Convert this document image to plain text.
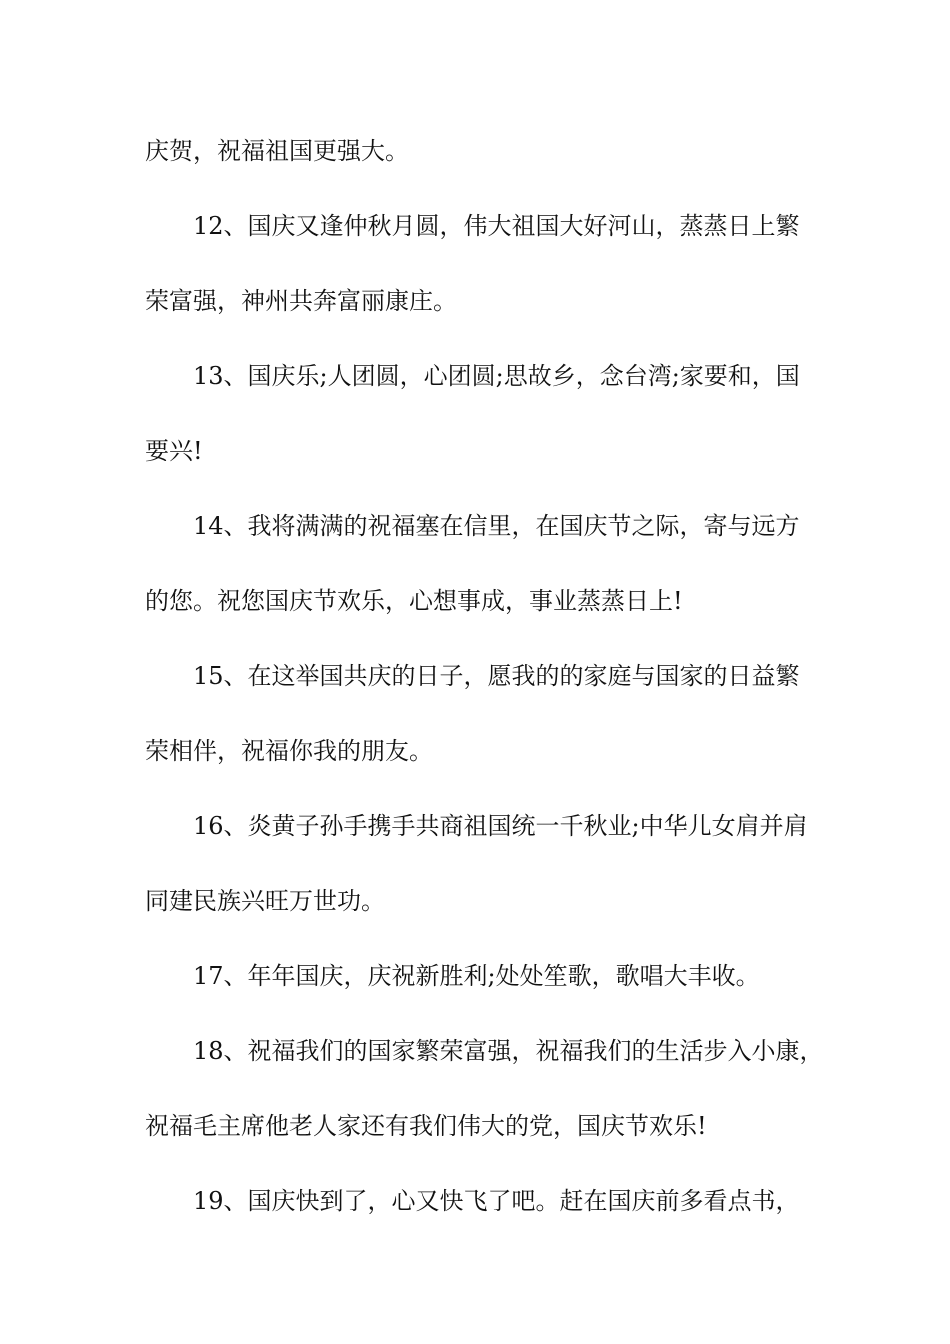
庆贺，祝福祖国更强大。
12、国庆又逢仲秋月圆，伟大祖国大好河山，蒸蒸日上繁
荣富强，神州共奔富丽康庄。
13、国庆乐;人团圆，心团圆;思故乡，念台湾;家要和，国
要兴!
14、我将满满的祝福塞在信里，在国庆节之际，寄与远方
的您。祝您国庆节欢乐，心想事成，事业蒸蒸日上!
15、在这举国共庆的日子，愿我的的家庭与国家的日益繁
荣相伴，祝福你我的朋友。
16、炎黄子孙手携手共商祖国统一千秋业;中华儿女肩并肩
同建民族兴旺万世功。
17、年年国庆，庆祝新胜利;处处笙歌，歌唱大丰收。
18、祝福我们的国家繁荣富强，祝福我们的生活步入小康，
祝福毛主席他老人家还有我们伟大的党，国庆节欢乐!
19、国庆快到了，心又快飞了吧。赶在国庆前多看点书，
